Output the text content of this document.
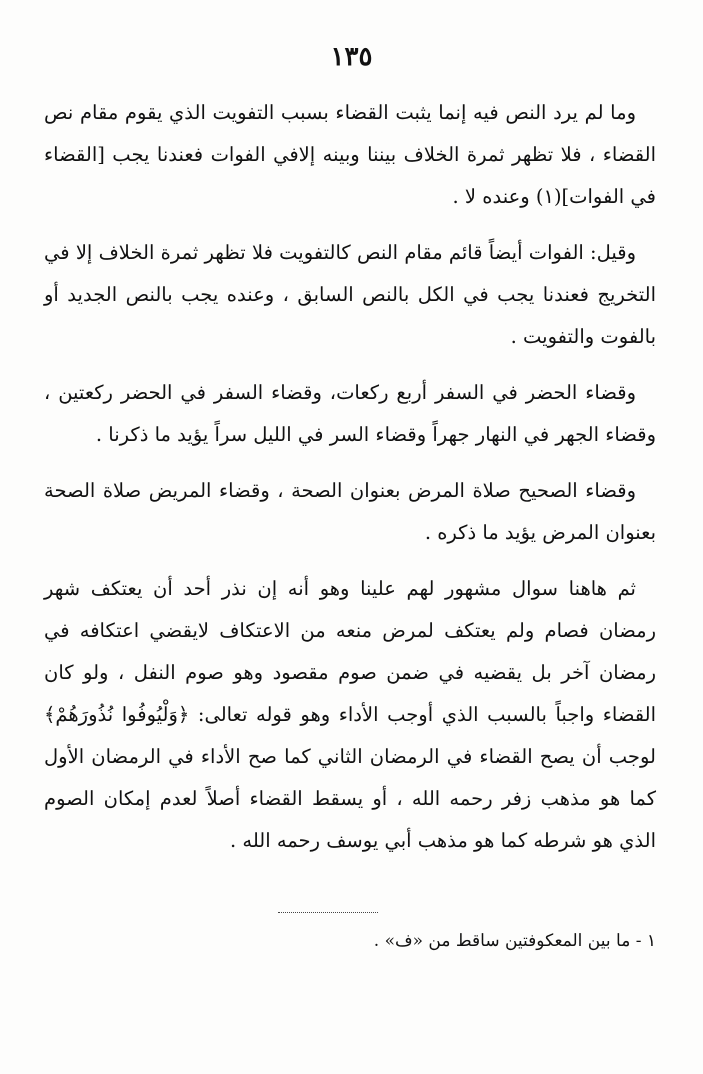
١٣٥

وما لم يرد النص فيه إنما يثبت القضاء بسبب التفويت الذي يقوم مقام نص القضاء ، فلا تظهر ثمرة الخلاف بيننا وبينه إلافي الفوات فعندنا يجب [القضاء في الفوات](١) وعنده لا .

وقيل: الفوات أيضاً قائم مقام النص كالتفويت فلا تظهر ثمرة الخلاف إلا في التخريج فعندنا يجب في الكل بالنص السابق ، وعنده يجب بالنص الجديد أو بالفوت والتفويت .

وقضاء الحضر في السفر أربع ركعات، وقضاء السفر في الحضر ركعتين ، وقضاء الجهر في النهار جهراً وقضاء السر في الليل سراً يؤيد ما ذكرنا .

وقضاء الصحيح صلاة المرض بعنوان الصحة ، وقضاء المريض صلاة الصحة بعنوان المرض يؤيد ما ذكره .

ثم هاهنا سوال مشهور لهم علينا وهو أنه إن نذر أحد أن يعتكف شهر رمضان فصام ولم يعتكف لمرض منعه من الاعتكاف لايقضي اعتكافه في رمضان آخر بل يقضيه في ضمن صوم مقصود وهو صوم النفل ، ولو كان القضاء واجباً بالسبب الذي أوجب الأداء وهو قوله تعالى: ﴿وَلْيُوفُوا نُذُورَهُمْ﴾ لوجب أن يصح القضاء في الرمضان الثاني كما صح الأداء في الرمضان الأول كما هو مذهب زفر رحمه الله ، أو يسقط القضاء أصلاً لعدم إمكان الصوم الذي هو شرطه كما هو مذهب أبي يوسف رحمه الله .

١ - ما بين المعكوفتين ساقط من «ف» .
